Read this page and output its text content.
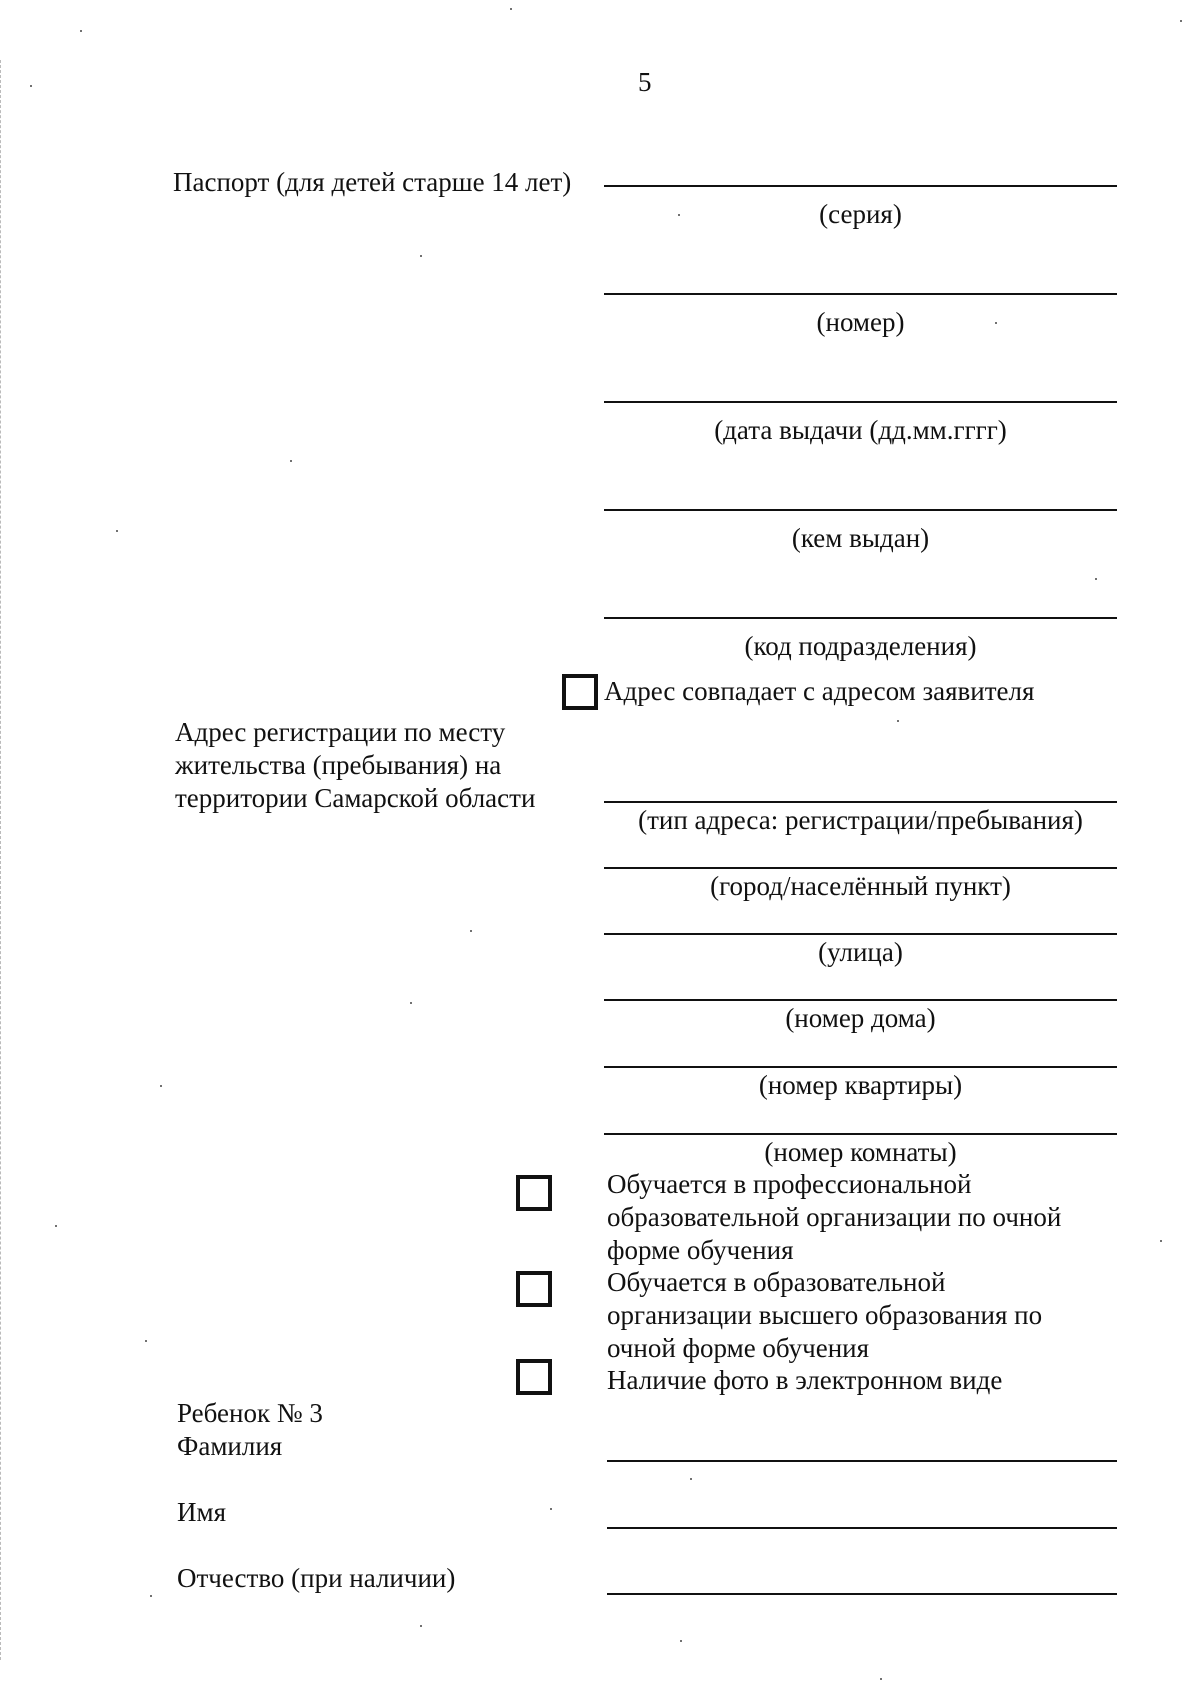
5
Паспорт (для детей старше 14 лет)
(серия)
(номер)
(дата выдачи (дд.мм.гггг)
(кем выдан)
(код подразделения)
Адрес совпадает с адресом заявителя
Адрес регистрации по месту
жительства (пребывания) на
территории Самарской области
(тип адреса: регистрации/пребывания)
(город/населённый пункт)
(улица)
(номер дома)
(номер квартиры)
(номер комнаты)
Обучается в профессиональной
образовательной организации по очной
форме обучения
Обучается в образовательной
организации высшего образования по
очной форме обучения
Наличие фото в электронном виде
Ребенок № 3
Фамилия
Имя
Отчество (при наличии)
